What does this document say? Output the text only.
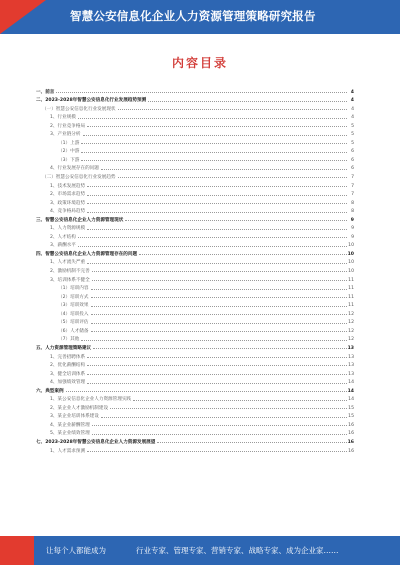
智慧公安信息化企业人力资源管理策略研究报告
内容目录
一、前言	4
二、2023-2028年智慧公安信息化行业发展趋势预测	4
（一）智慧公安信息化行业发展现状	4
1、行业规模	4
2、行业竞争格局	5
3、产业链分析	5
（1）上游	5
（2）中游	6
（3）下游	6
4、行业发展存在的问题	6
（二）智慧公安信息化行业发展趋势	7
1、技术发展趋势	7
2、市场需求趋势	7
3、政策环境趋势	8
4、竞争格局趋势	8
三、智慧公安信息化企业人力资源管理现状	9
1、人力资源规模	9
2、人才结构	9
3、薪酬水平	10
四、智慧公安信息化企业人力资源管理存在的问题	10
1、人才流失严重	10
2、激励机制不完善	10
3、培训体系不健全	11
（1）培训内容	11
（2）培训方式	11
（3）培训效果	11
（4）培训投入	12
（5）培训评估	12
（6）人才储备	12
（7）其他	12
五、人力资源管理策略建议	13
1、完善招聘体系	13
2、优化薪酬结构	13
3、健全培训体系	13
4、加强绩效管理	14
六、典型案例	14
1、某公安信息化企业人力资源管理实践	14
2、某企业人才激励机制建设	15
3、某企业培训体系建设	15
4、某企业薪酬管理	16
5、某企业绩效管理	16
七、2023-2028年智慧公安信息化企业人力资源发展展望	16
1、人才需求预测	16
让每个人都能成为	行业专家、管理专家、营销专家、战略专家、成为企业家……
